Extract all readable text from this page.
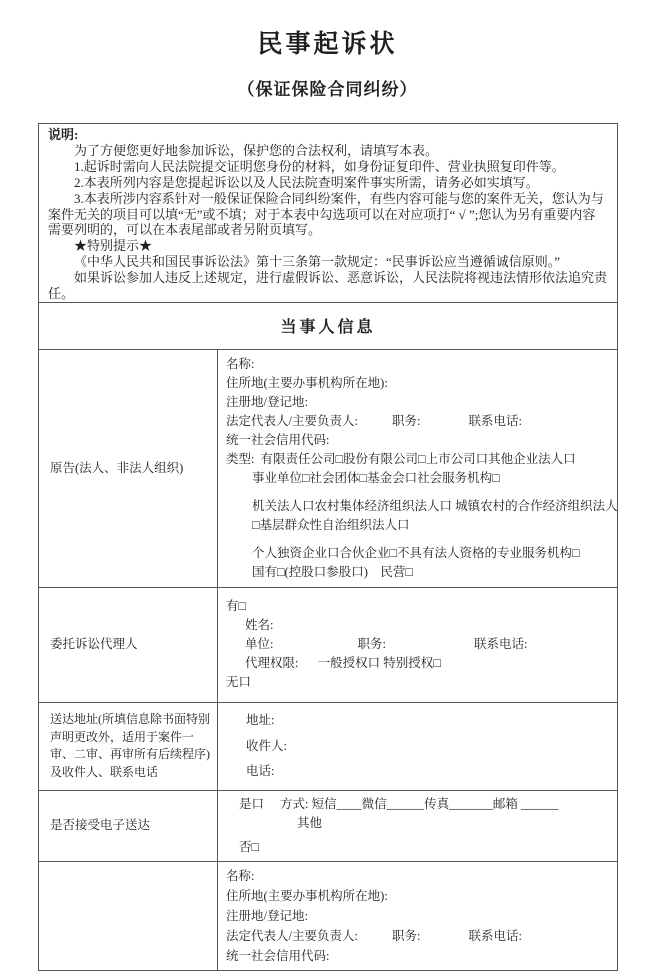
民事起诉状
（保证保险合同纠纷）
说明:

为了方便您更好地参加诉讼，保护您的合法权利，请填写本表。

1.起诉时需向人民法院提交证明您身份的材料，如身份证复印件、营业执照复印件等。

2.本表所列内容是您提起诉讼以及人民法院查明案件事实所需，请务必如实填写。

3.本表所涉内容系针对一般保证保险合同纠纷案件，有些内容可能与您的案件无关，您认为与案件无关的项目可以填“无”或不填；对于本表中勾选项可以在对应项打“ √ ”;您认为另有重要内容需要列明的，可以在本表尾部或者另附页填写。

★特别提示★

《中华人民共和国民事诉讼法》第十三条第一款规定：“民事诉讼应当遵循诚信原则。”

如果诉讼参加人违反上述规定，进行虚假诉讼、恶意诉讼，人民法院将视违法情形依法追究责任。

当事人信息	
原告(法人、非法人组织)	
名称:
住所地(主要办事机构所在地):
注册地/登记地:
法定代表人/主要负责人:	职务:	联系电话:
统一社会信用代码:
类型: 有限责任公司□股份有限公司□上市公司口其他企业法人口
事业单位□社会团体□基金会口社会服务机构□
机关法人口农村集体经济组织法人口 城镇农村的合作经济组织法人
□基层群众性自治组织法人口
个人独资企业口合伙企业□不具有法人资格的专业服务机构□
国有□(控股口参股口)　民营□

委托诉讼代理人	有□
姓名:
单位: 职务: 联系电话:
代理权限: 一般授权口 特别授权□
无口

送达地址(所填信息除书面特别声明更改外，适用于案件一审、二审、再审所有后续程序)及收件人、联系电话	地址:
收件人:
电话:

是否接受电子送达	是口 方式: 短信____微信______传真_______邮箱 ______
其他
否□

	名称:
住所地(主要办事机构所在地):
注册地/登记地:
法定代表人/主要负责人: 职务: 联系电话:
统一社会信用代码:
